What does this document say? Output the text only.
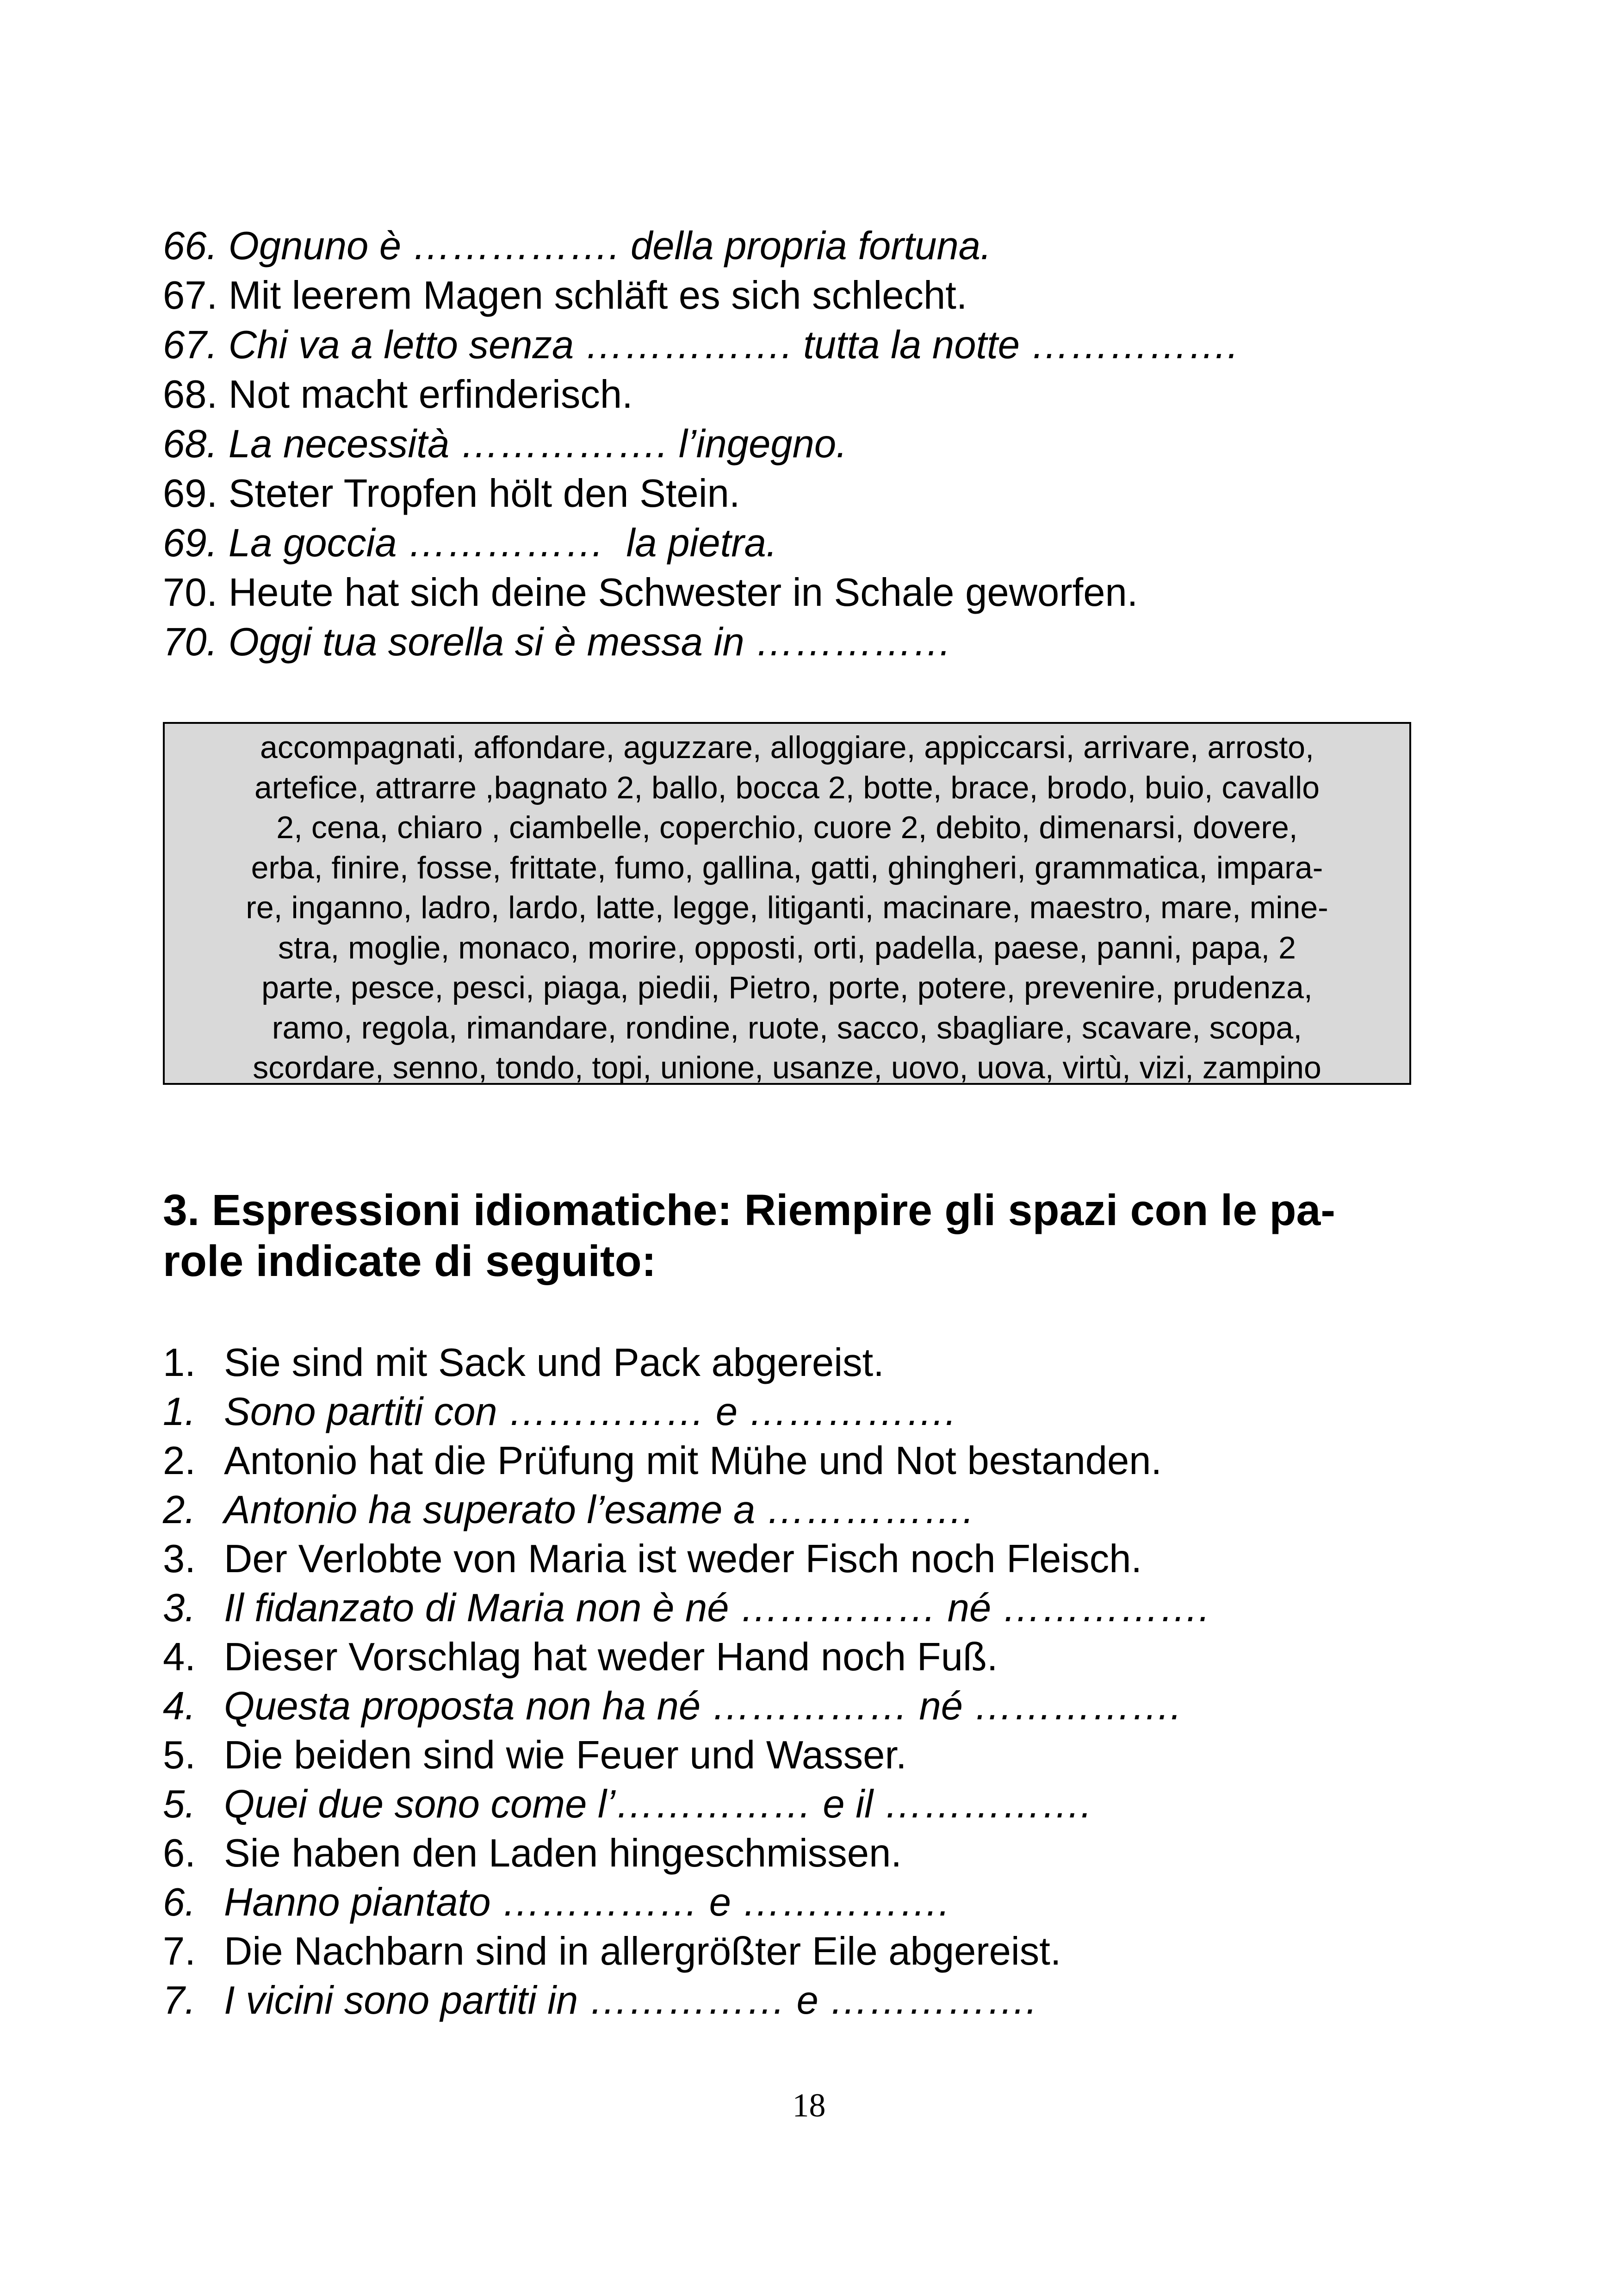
66. Ognuno è ……………. della propria fortuna.
67. Mit leerem Magen schläft es sich schlecht.
67. Chi va a letto senza ……………. tutta la notte …………….
68. Not macht erfinderisch.
68. La necessità ……………. l’ingegno.
69. Steter Tropfen hölt den Stein.
69. La goccia ……………  la pietra.
70. Heute hat sich deine Schwester in Schale geworfen.
70. Oggi tua sorella si è messa in ……………
accompagnati, affondare, aguzzare, alloggiare, appiccarsi, arrivare, arrosto,
artefice, attrarre ,bagnato 2, ballo, bocca 2, botte, brace, brodo, buio, cavallo
2, cena, chiaro , ciambelle, coperchio, cuore 2, debito, dimenarsi, dovere,
erba, finire, fosse, frittate, fumo, gallina, gatti, ghingheri, grammatica, impara-
re, inganno, ladro, lardo, latte, legge, litiganti, macinare, maestro, mare, mine-
stra, moglie, monaco, morire, opposti, orti, padella, paese, panni, papa, 2
parte, pesce, pesci, piaga, piedii, Pietro, porte, potere, prevenire, prudenza,
ramo, regola, rimandare, rondine, ruote, sacco, sbagliare, scavare, scopa,
scordare, senno, tondo, topi, unione, usanze, uovo, uova, virtù, vizi, zampino
3. Espressioni idiomatiche: Riempire gli spazi con le pa-
role indicate di seguito:
1. Sie sind mit Sack und Pack abgereist.
1. Sono partiti con …………… e …………….
2. Antonio hat die Prüfung mit Mühe und Not bestanden.
2. Antonio ha superato l’esame a …………….
3. Der Verlobte von Maria ist weder Fisch noch Fleisch.
3. Il fidanzato di Maria non è né …………… né …………….
4. Dieser Vorschlag hat weder Hand noch Fuß.
4. Questa proposta non ha né …………… né …………….
5. Die beiden sind wie Feuer und Wasser.
5. Quei due sono come l’…………… e il …………….
6. Sie haben den Laden hingeschmissen.
6. Hanno piantato …………… e …………….
7. Die Nachbarn sind in allergrößter Eile abgereist.
7. I vicini sono partiti in …………… e …………….
18
